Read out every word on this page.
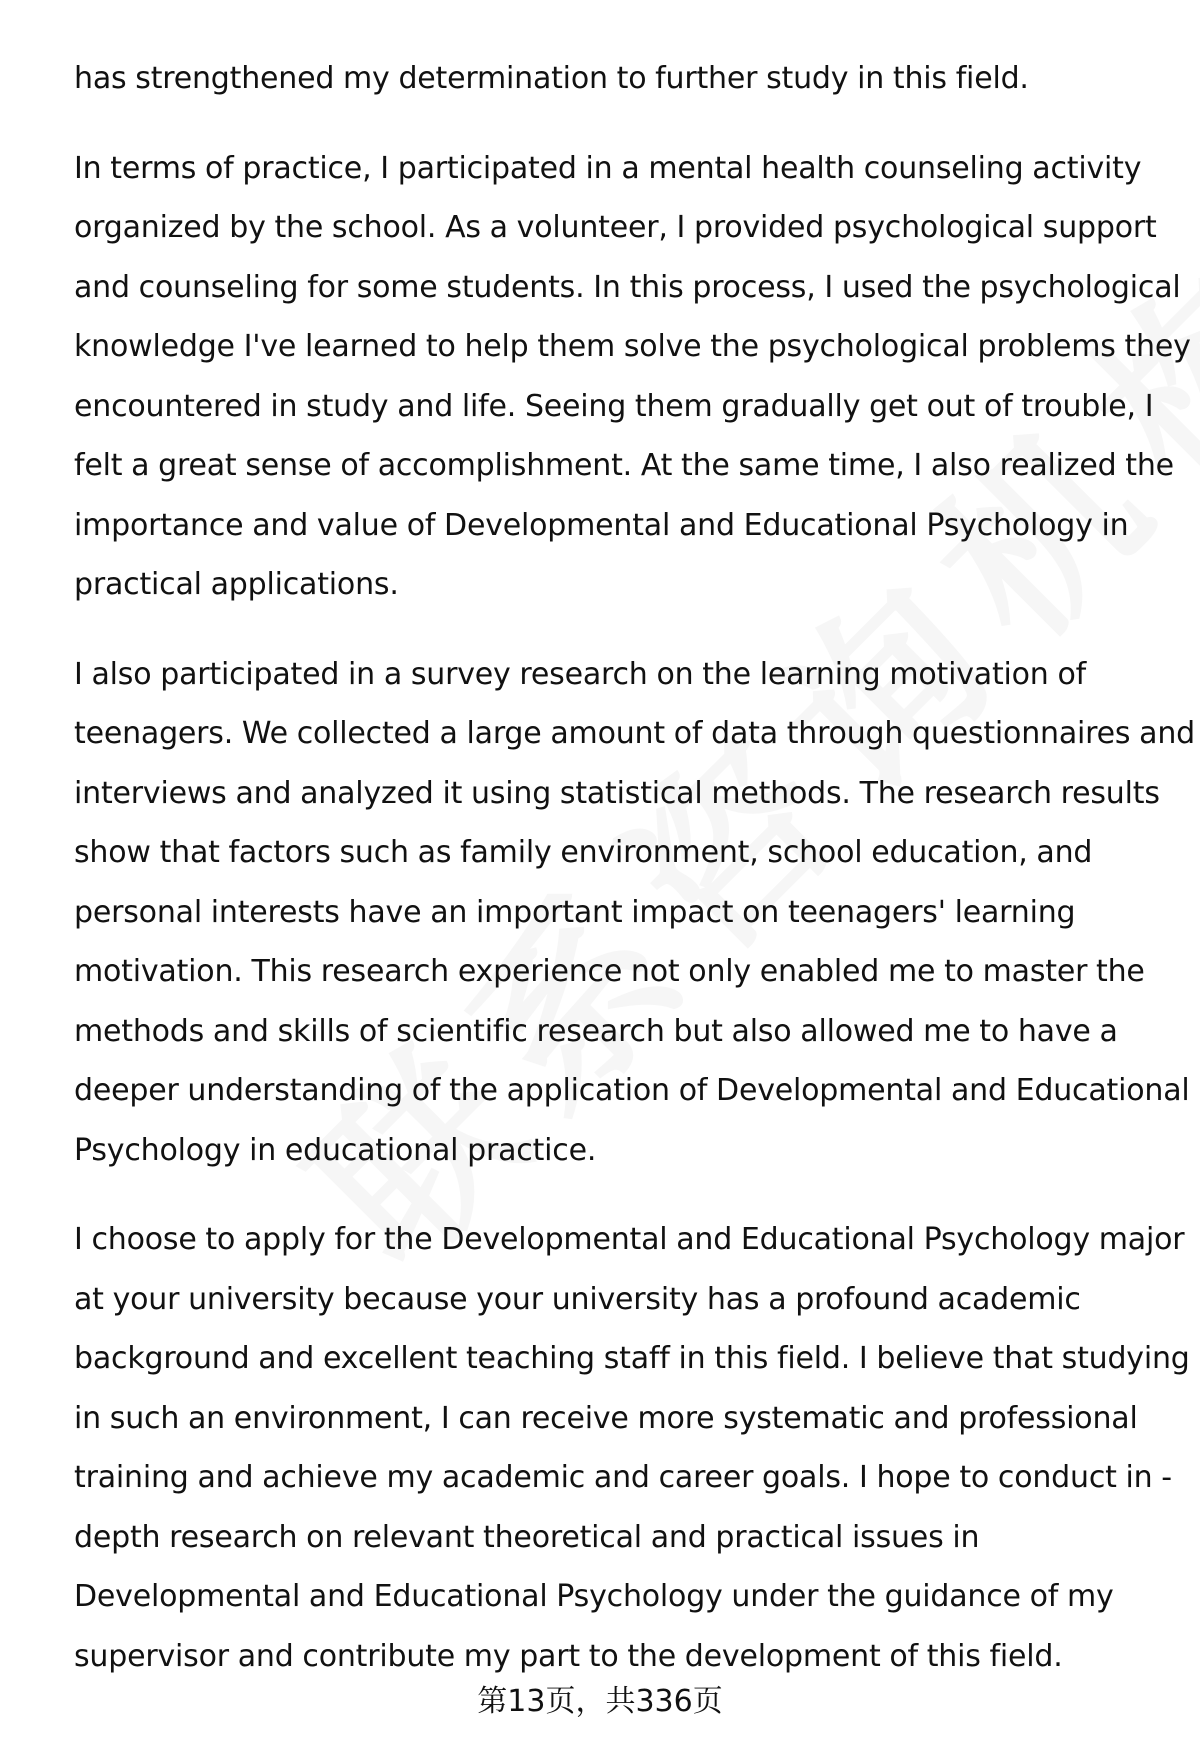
has strengthened my determination to further study in this field.

In terms of practice, I participated in a mental health counseling activity
organized by the school. As a volunteer, I provided psychological support
and counseling for some students. In this process, I used the psychological
knowledge I've learned to help them solve the psychological problems they
encountered in study and life. Seeing them gradually get out of trouble, I
felt a great sense of accomplishment. At the same time, I also realized the
importance and value of Developmental and Educational Psychology in
practical applications.

I also participated in a survey research on the learning motivation of
teenagers. We collected a large amount of data through questionnaires and
interviews and analyzed it using statistical methods. The research results
show that factors such as family environment, school education, and
personal interests have an important impact on teenagers' learning
motivation. This research experience not only enabled me to master the
methods and skills of scientific research but also allowed me to have a
deeper understanding of the application of Developmental and Educational
Psychology in educational practice.

I choose to apply for the Developmental and Educational Psychology major
at your university because your university has a profound academic
background and excellent teaching staff in this field. I believe that studying
in such an environment, I can receive more systematic and professional
training and achieve my academic and career goals. I hope to conduct in -
depth research on relevant theoretical and practical issues in
Developmental and Educational Psychology under the guidance of my
supervisor and contribute my part to the development of this field.

第13页，共336页
